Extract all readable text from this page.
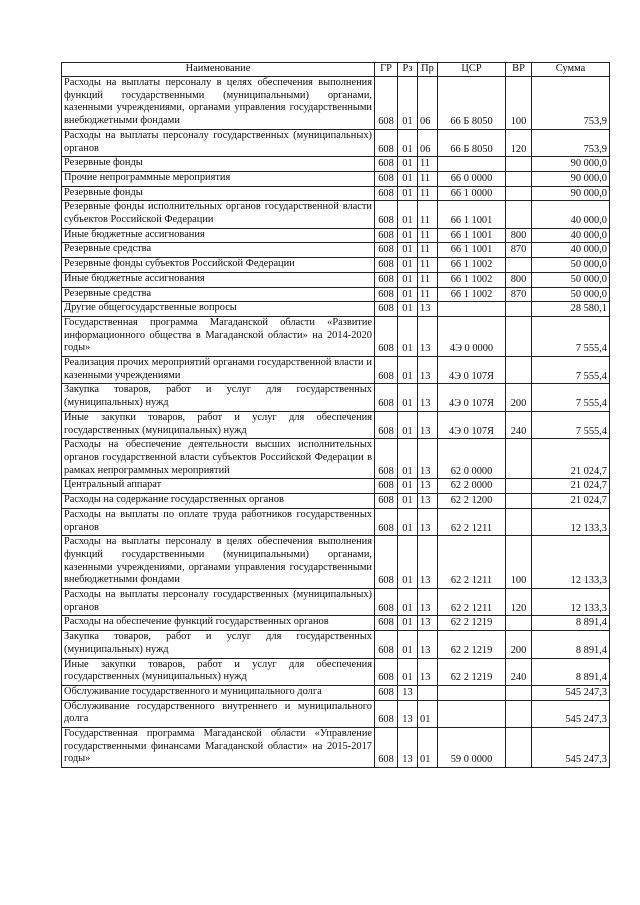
Наименование	ГР	Рз	Пр	ЦСР	ВР	Сумма
Расходы на выплаты персоналу в целях обеспечения выполнения функций государственными (муниципальными) органами, казенными учреждениями, органами управления государственными внебюджетными фондами	608	01	06	66 Б 8050	100	753,9
Расходы на выплаты персоналу государственных (муниципальных) органов	608	01	06	66 Б 8050	120	753,9
Резервные фонды	608	01	11			90 000,0
Прочие непрограммные мероприятия	608	01	11	66 0 0000		90 000,0
Резервные фонды	608	01	11	66 1 0000		90 000,0
Резервные фонды исполнительных органов государственной власти субъектов Российской Федерации	608	01	11	66 1 1001		40 000,0
Иные бюджетные ассигнования	608	01	11	66 1 1001	800	40 000,0
Резервные средства	608	01	11	66 1 1001	870	40 000,0
Резервные фонды субъектов Российской Федерации	608	01	11	66 1 1002		50 000,0
Иные бюджетные ассигнования	608	01	11	66 1 1002	800	50 000,0
Резервные средства	608	01	11	66 1 1002	870	50 000,0
Другие общегосударственные вопросы	608	01	13			28 580,1
Государственная программа Магаданской области «Развитие информационного общества в Магаданской области» на 2014-2020 годы»	608	01	13	4Э 0 0000		7 555,4
Реализация прочих мероприятий органами государственной власти и казенными учреждениями	608	01	13	4Э 0 107Я		7 555,4
Закупка товаров, работ и услуг для государственных (муниципальных) нужд	608	01	13	4Э 0 107Я	200	7 555,4
Иные закупки товаров, работ и услуг для обеспечения государственных (муниципальных) нужд	608	01	13	4Э 0 107Я	240	7 555,4
Расходы на обеспечение деятельности высших исполнительных органов государственной власти субъектов Российской Федерации в рамках непрограммных мероприятий	608	01	13	62 0 0000		21 024,7
Центральный аппарат	608	01	13	62 2 0000		21 024,7
Расходы на содержание государственных органов	608	01	13	62 2 1200		21 024,7
Расходы на выплаты по оплате труда работников государственных органов	608	01	13	62 2 1211		12 133,3
Расходы на выплаты персоналу в целях обеспечения выполнения функций государственными (муниципальными) органами, казенными учреждениями, органами управления государственными внебюджетными фондами	608	01	13	62 2 1211	100	12 133,3
Расходы на выплаты персоналу государственных (муниципальных) органов	608	01	13	62 2 1211	120	12 133,3
Расходы на обеспечение функций государственных органов	608	01	13	62 2 1219		8 891,4
Закупка товаров, работ и услуг для государственных (муниципальных) нужд	608	01	13	62 2 1219	200	8 891,4
Иные закупки товаров, работ и услуг для обеспечения государственных (муниципальных) нужд	608	01	13	62 2 1219	240	8 891,4
Обслуживание государственного и муниципального долга	608	13				545 247,3
Обслуживание государственного внутреннего и муниципального долга	608	13	01			545 247,3
Государственная программа Магаданской области «Управление государственными финансами Магаданской области» на 2015-2017 годы»	608	13	01	59 0 0000		545 247,3
